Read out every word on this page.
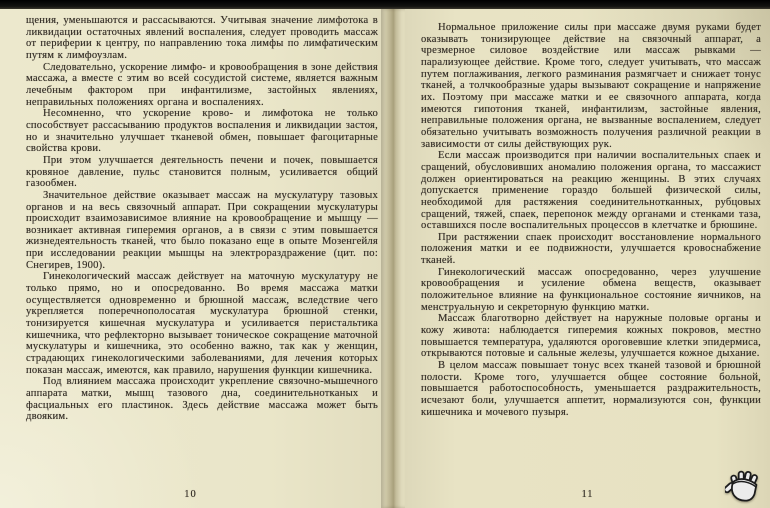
щения, уменьшаются и рассасываются. Учитывая значение лимфотока в ликвидации остаточных явлений воспаления, следует проводить массаж от периферии к центру, по направлению тока лимфы по лимфатическим путям к лимфоузлам.

Следовательно, ускорение лимфо- и кровообращения в зоне действия массажа, а вместе с этим во всей сосудистой системе, является важным лечебным фактором при инфантилизме, застойных явлениях, неправильных положениях органа и воспалениях.

Несомненно, что ускорение крово- и лимфотока не только способствует рассасыванию продуктов воспаления и ликвидации застоя, но и значительно улучшает тканевой обмен, повышает фагоцитарные свойства крови.

При этом улучшается деятельность печени и почек, повышается кровяное давление, пульс становится полным, усиливается общий газообмен.

Значительное действие оказывает массаж на мускулатуру тазовых органов и на весь связочный аппарат. При сокращении мускулатуры происходит взаимозависимое влияние на кровообращение и мышцу — возникает активная гиперемия органов, а в связи с этим повышается жизнедеятельность тканей, что было показано еще в опыте Мозенгейля при исследовании реакции мышцы на электрораздражение (цит. по: Снегирев, 1900).

Гинекологический массаж действует на маточную мускулатуру не только прямо, но и опосредованно. Во время массажа матки осуществляется одновременно и брюшной массаж, вследствие чего укрепляется поперечнополосатая мускулатура брюшной стенки, тонизируется кишечная мускулатура и усиливается перистальтика кишечника, что рефлекторно вызывает тоническое сокращение маточной мускулатуры и кишечника, это особенно важно, так как у женщин, страдающих гинекологическими заболеваниями, для лечения которых показан массаж, имеются, как правило, нарушения функции кишечника.

Под влиянием массажа происходит укрепление связочно-мышечного аппарата матки, мышц тазового дна, соединительнотканых и фасциальных его пластинок. Здесь действие массажа может быть двояким.

10

Нормальное приложение силы при массаже двумя руками будет оказывать тонизирующее действие на связочный аппарат, а чрезмерное силовое воздействие или массаж рывками — парализующее действие. Кроме того, следует учитывать, что массаж путем поглаживания, легкого разминания размягчает и снижает тонус тканей, а толчкообразные удары вызывают сокращение и напряжение их. Поэтому при массаже матки и ее связочного аппарата, когда имеются гипотония тканей, инфантилизм, застойные явления, неправильные положения органа, не вызванные воспалением, следует обязательно учитывать возможность получения различной реакции в зависимости от силы действующих рук.

Если массаж производится при наличии воспалительных спаек и сращений, обусловивших аномалию положения органа, то массажист должен ориентироваться на реакцию женщины. В этих случаях допускается применение гораздо большей физической силы, необходимой для растяжения соединительнотканных, рубцовых сращений, тяжей, спаек, перепонок между органами и стенками таза, оставшихся после воспалительных процессов в клетчатке и брюшине.

При растяжении спаек происходит восстановление нормального положения матки и ее подвижности, улучшается кровоснабжение тканей.

Гинекологический массаж опосредованно, через улучшение кровообращения и усиление обмена веществ, оказывает положительное влияние на функциональное состояние яичников, на менструальную и секреторную функцию матки.

Массаж благотворно действует на наружные половые органы и кожу живота: наблюдается гиперемия кожных покровов, местно повышается температура, удаляются ороговевшие клетки эпидермиса, открываются потовые и сальные железы, улучшается кожное дыхание.

В целом массаж повышает тонус всех тканей тазовой и брюшной полости. Кроме того, улучшается общее состояние больной, повышается работоспособность, уменьшается раздражительность, исчезают боли, улучшается аппетит, нормализуются сон, функции кишечника и мочевого пузыря.

11
